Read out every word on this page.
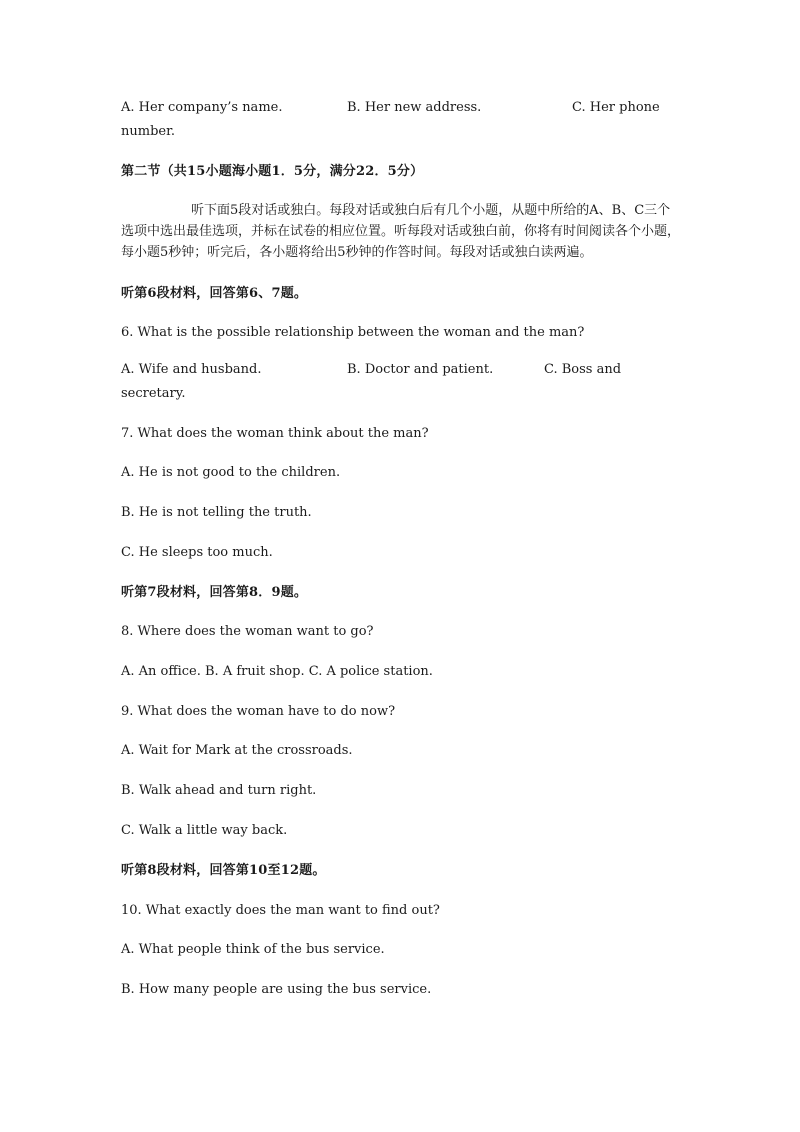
A. Her company’s name.	B. Her new address.	C. Her phone
number.
第二节（共15小题海小题1．5分，满分22．5分）
听下面5段对话或独白。每段对话或独白后有几个小题，从题中所给的A、B、C三个选项中选出最佳选项，并标在试卷的相应位置。听每段对话或独白前，你将有时间阅读各个小题，每小题5秒钟；听完后，各小题将给出5秒钟的作答时间。每段对话或独白读两遍。
听第6段材料，回答第6、7题。
6. What is the possible relationship between the woman and the man?
A. Wife and husband.	B. Doctor and patient.	C. Boss and
secretary.
7. What does the woman think about the man?
A. He is not good to the children.
B. He is not telling the truth.
C. He sleeps too much.
听第7段材料，回答第8．9题。
8. Where does the woman want to go?
A. An office. B. A fruit shop. C. A police station.
9. What does the woman have to do now?
A. Wait for Mark at the crossroads.
B. Walk ahead and turn right.
C. Walk a little way back.
听第8段材料，回答第10至12题。
10. What exactly does the man want to find out?
A. What people think of the bus service.
B. How many people are using the bus service.
